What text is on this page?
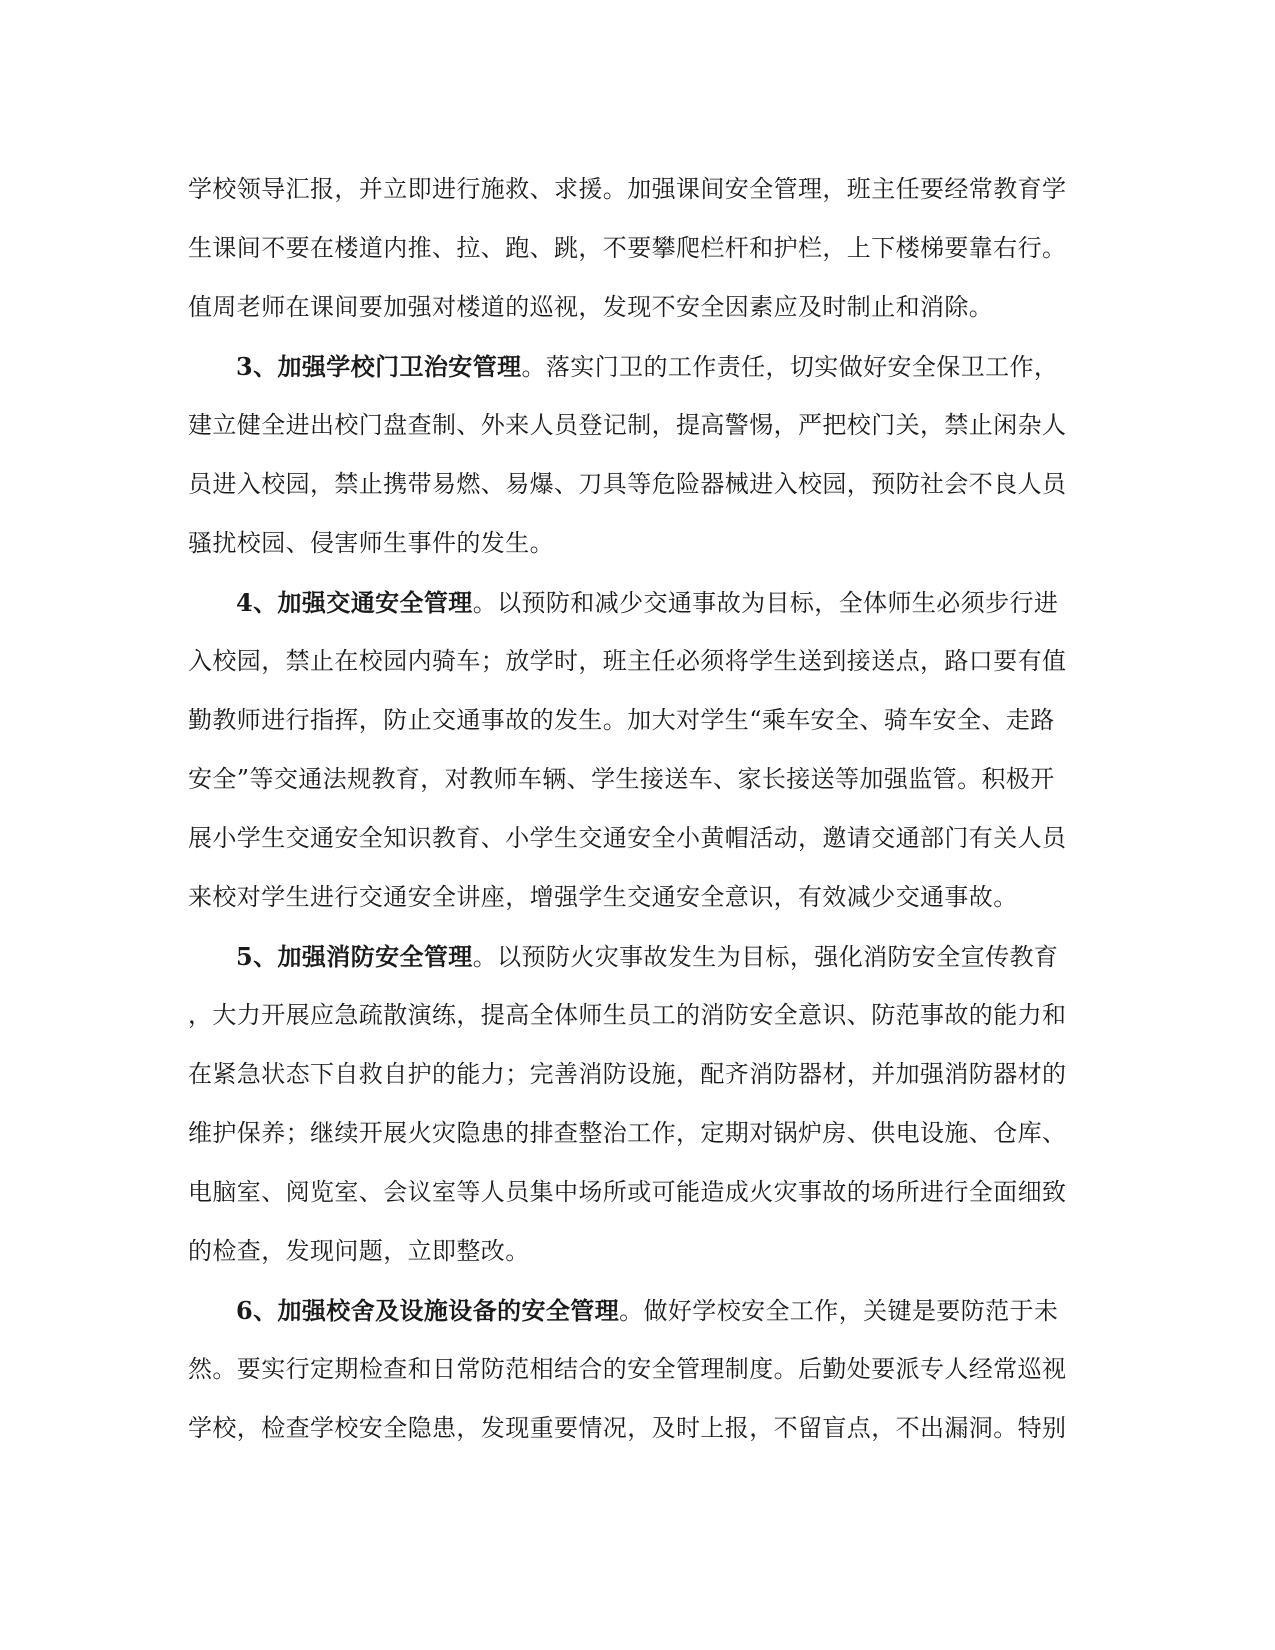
学校领导汇报，并立即进行施救、求援。加强课间安全管理，班主任要经常教育学
生课间不要在楼道内推、拉、跑、跳，不要攀爬栏杆和护栏，上下楼梯要靠右行。
值周老师在课间要加强对楼道的巡视，发现不安全因素应及时制止和消除。
3、加强学校门卫治安管理。落实门卫的工作责任，切实做好安全保卫工作，
建立健全进出校门盘查制、外来人员登记制，提高警惕，严把校门关，禁止闲杂人
员进入校园，禁止携带易燃、易爆、刀具等危险器械进入校园，预防社会不良人员
骚扰校园、侵害师生事件的发生。
4、加强交通安全管理。以预防和减少交通事故为目标，全体师生必须步行进
入校园，禁止在校园内骑车；放学时，班主任必须将学生送到接送点，路口要有值
勤教师进行指挥，防止交通事故的发生。加大对学生“乘车安全、骑车安全、走路
安全”等交通法规教育，对教师车辆、学生接送车、家长接送等加强监管。积极开
展小学生交通安全知识教育、小学生交通安全小黄帽活动，邀请交通部门有关人员
来校对学生进行交通安全讲座，增强学生交通安全意识，有效减少交通事故。
5、加强消防安全管理。以预防火灾事故发生为目标，强化消防安全宣传教育
，大力开展应急疏散演练，提高全体师生员工的消防安全意识、防范事故的能力和
在紧急状态下自救自护的能力；完善消防设施，配齐消防器材，并加强消防器材的
维护保养；继续开展火灾隐患的排查整治工作，定期对锅炉房、供电设施、仓库、
电脑室、阅览室、会议室等人员集中场所或可能造成火灾事故的场所进行全面细致
的检查，发现问题，立即整改。
6、加强校舍及设施设备的安全管理。做好学校安全工作，关键是要防范于未
然。要实行定期检查和日常防范相结合的安全管理制度。后勤处要派专人经常巡视
学校，检查学校安全隐患，发现重要情况，及时上报，不留盲点，不出漏洞。特别
